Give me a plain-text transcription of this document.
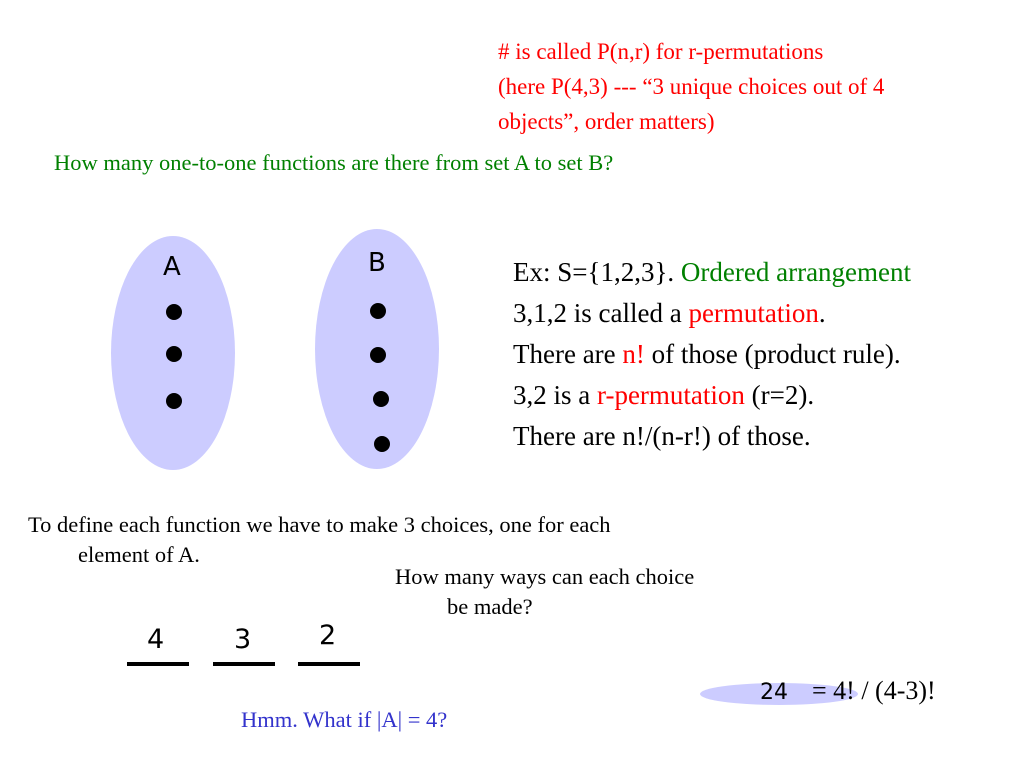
# is called P(n,r) for r-permutations
(here P(4,3) --- “3 unique choices out of 4
objects”, order matters)
How many one-to-one functions are there from set A to set B?
A	B	Ex: S={1,2,3}. Ordered arrangement
3,1,2 is called a permutation.
There are n! of those (product rule).
3,2 is a r-permutation (r=2).
There are n!/(n-r!) of those.
To define each function we have to make 3 choices, one for each
element of A.
How many ways can each choice
be made?
4	3	2
Hmm. What if |A| = 4?
24 = 4! / (4-3)!
